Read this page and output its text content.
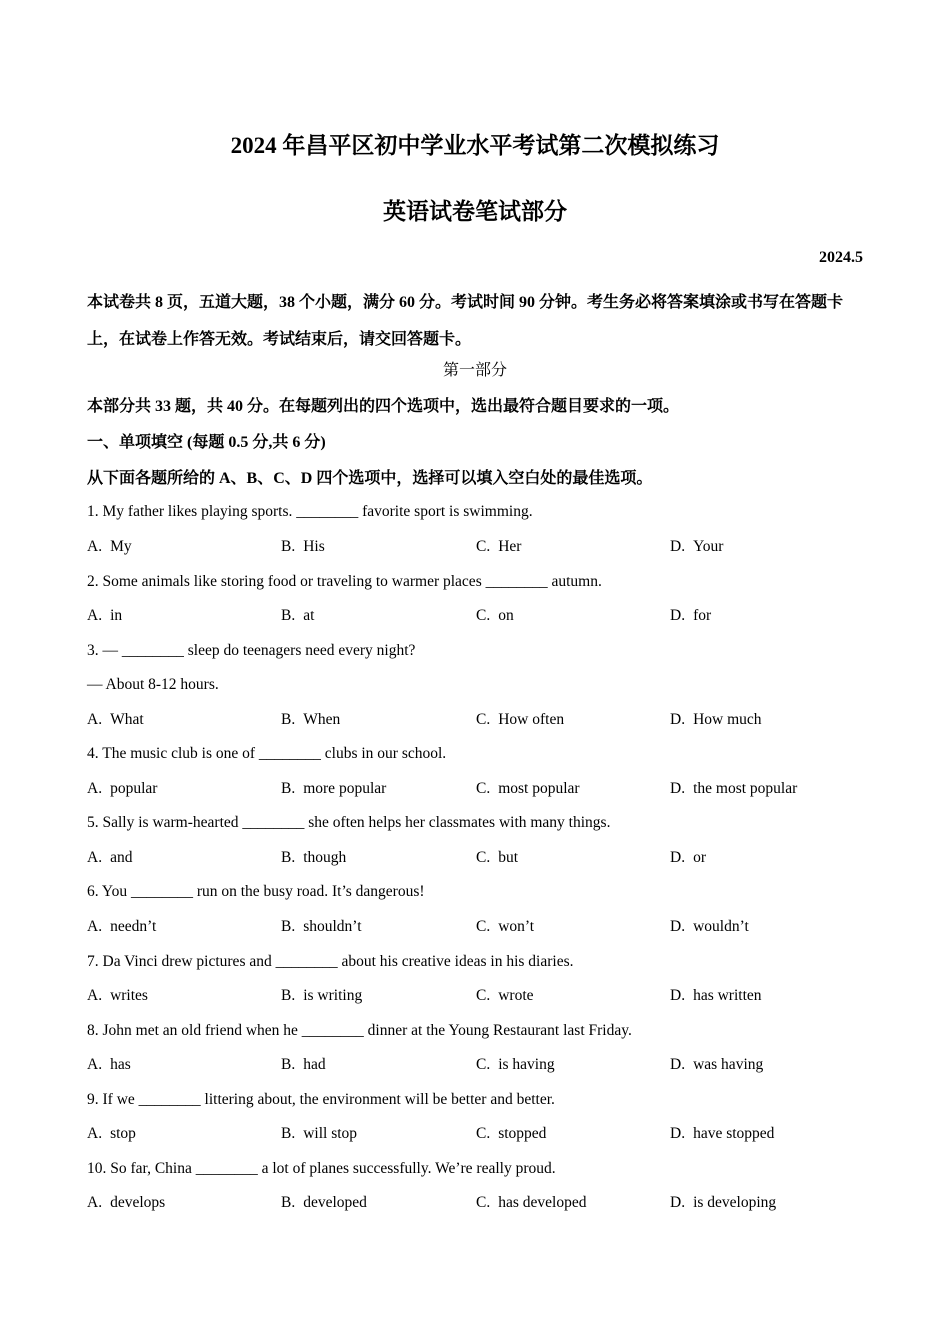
2024 年昌平区初中学业水平考试第二次模拟练习
英语试卷笔试部分
2024.5
本试卷共 8 页，五道大题，38 个小题，满分 60 分。考试时间 90 分钟。考生务必将答案填涂或书写在答题卡上，在试卷上作答无效。考试结束后，请交回答题卡。
第一部分
本部分共 33 题，共 40 分。在每题列出的四个选项中，选出最符合题目要求的一项。
一、单项填空 (每题 0.5 分,共 6 分)
从下面各题所给的 A、B、C、D 四个选项中，选择可以填入空白处的最佳选项。
1. My father likes playing sports. ________ favorite sport is swimming.
A. My	B. His	C. Her	D. Your
2. Some animals like storing food or traveling to warmer places ________ autumn.
A. in	B. at	C. on	D. for
3. — ________ sleep do teenagers need every night?
— About 8-12 hours.
A. What	B. When	C. How often	D. How much
4. The music club is one of ________ clubs in our school.
A. popular	B. more popular	C. most popular	D. the most popular
5. Sally is warm-hearted ________ she often helps her classmates with many things.
A. and	B. though	C. but	D. or
6. You ________ run on the busy road. It’s dangerous!
A. needn’t	B. shouldn’t	C. won’t	D. wouldn’t
7. Da Vinci drew pictures and ________ about his creative ideas in his diaries.
A. writes	B. is writing	C. wrote	D. has written
8. John met an old friend when he ________ dinner at the Young Restaurant last Friday.
A. has	B. had	C. is having	D. was having
9. If we ________ littering about, the environment will be better and better.
A. stop	B. will stop	C. stopped	D. have stopped
10. So far, China ________ a lot of planes successfully. We’re really proud.
A. develops	B. developed	C. has developed	D. is developing
